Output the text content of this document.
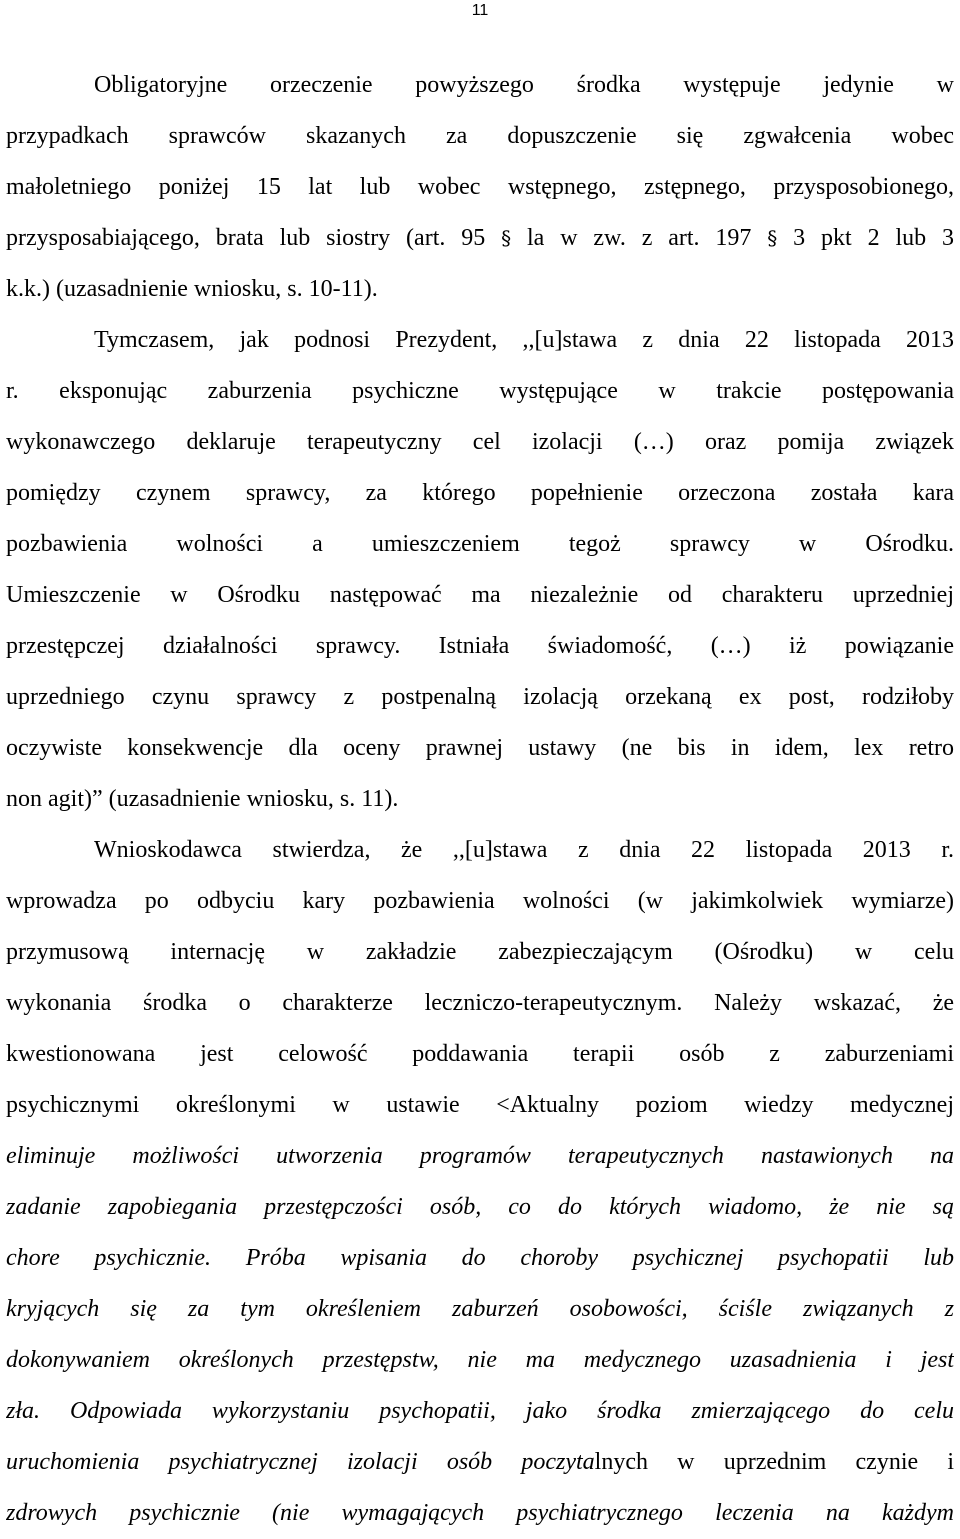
11
Obligatoryjne orzeczenie powyższego środka występuje jedynie w
przypadkach sprawców skazanych za dopuszczenie się zgwałcenia wobec
małoletniego poniżej 15 lat lub wobec wstępnego, zstępnego, przysposobionego,
przysposabiającego, brata lub siostry (art. 95 § la w zw. z art. 197 § 3 pkt 2 lub 3
k.k.) (uzasadnienie wniosku, s. 10-11).
Tymczasem, jak podnosi Prezydent, ,,[u]stawa z dnia 22 listopada 2013
r. eksponując zaburzenia psychiczne występujące w trakcie postępowania
wykonawczego deklaruje terapeutyczny cel izolacji (…) oraz pomija związek
pomiędzy czynem sprawcy, za którego popełnienie orzeczona została kara
pozbawienia wolności a umieszczeniem tegoż sprawcy w Ośrodku.
Umieszczenie w Ośrodku następować ma niezależnie od charakteru uprzedniej
przestępczej działalności sprawcy. Istniała świadomość, (…) iż powiązanie
uprzedniego czynu sprawcy z postpenalną izolacją orzekaną ex post, rodziłoby
oczywiste konsekwencje dla oceny prawnej ustawy (ne bis in idem, lex retro
non agit)” (uzasadnienie wniosku, s. 11).
Wnioskodawca stwierdza, że ,,[u]stawa z dnia 22 listopada 2013 r.
wprowadza po odbyciu kary pozbawienia wolności (w jakimkolwiek wymiarze)
przymusową internację w zakładzie zabezpieczającym (Ośrodku) w celu
wykonania środka o charakterze leczniczo-terapeutycznym. Należy wskazać, że
kwestionowana jest celowość poddawania terapii osób z zaburzeniami
psychicznymi określonymi w ustawie <Aktualny poziom wiedzy medycznej
eliminuje możliwości utworzenia programów terapeutycznych nastawionych na
zadanie zapobiegania przestępczości osób, co do których wiadomo, że nie są
chore psychicznie. Próba wpisania do choroby psychicznej psychopatii lub
kryjących się za tym określeniem zaburzeń osobowości, ściśle związanych z
dokonywaniem określonych przestępstw, nie ma medycznego uzasadnienia i jest
zła. Odpowiada wykorzystaniu psychopatii, jako środka zmierzającego do celu
uruchomienia psychiatrycznej izolacji osób poczytalnych w uprzednim czynie i
zdrowych psychicznie (nie wymagających psychiatrycznego leczenia na każdym
